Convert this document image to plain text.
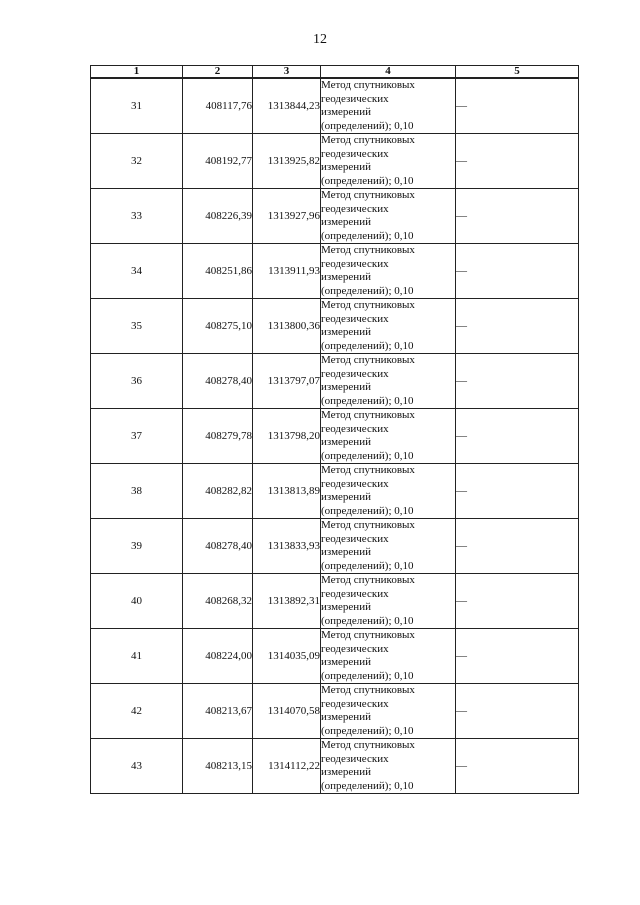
12
1	2	3	4	5
31	408117,76	1313844,23	Метод спутниковых
геодезических
измерений
(определений); 0,10	—
32	408192,77	1313925,82	Метод спутниковых
геодезических
измерений
(определений); 0,10	—
33	408226,39	1313927,96	Метод спутниковых
геодезических
измерений
(определений); 0,10	—
34	408251,86	1313911,93	Метод спутниковых
геодезических
измерений
(определений); 0,10	—
35	408275,10	1313800,36	Метод спутниковых
геодезических
измерений
(определений); 0,10	—
36	408278,40	1313797,07	Метод спутниковых
геодезических
измерений
(определений); 0,10	—
37	408279,78	1313798,20	Метод спутниковых
геодезических
измерений
(определений); 0,10	—
38	408282,82	1313813,89	Метод спутниковых
геодезических
измерений
(определений); 0,10	—
39	408278,40	1313833,93	Метод спутниковых
геодезических
измерений
(определений); 0,10	—
40	408268,32	1313892,31	Метод спутниковых
геодезических
измерений
(определений); 0,10	—
41	408224,00	1314035,09	Метод спутниковых
геодезических
измерений
(определений); 0,10	—
42	408213,67	1314070,58	Метод спутниковых
геодезических
измерений
(определений); 0,10	—
43	408213,15	1314112,22	Метод спутниковых
геодезических
измерений
(определений); 0,10	—
